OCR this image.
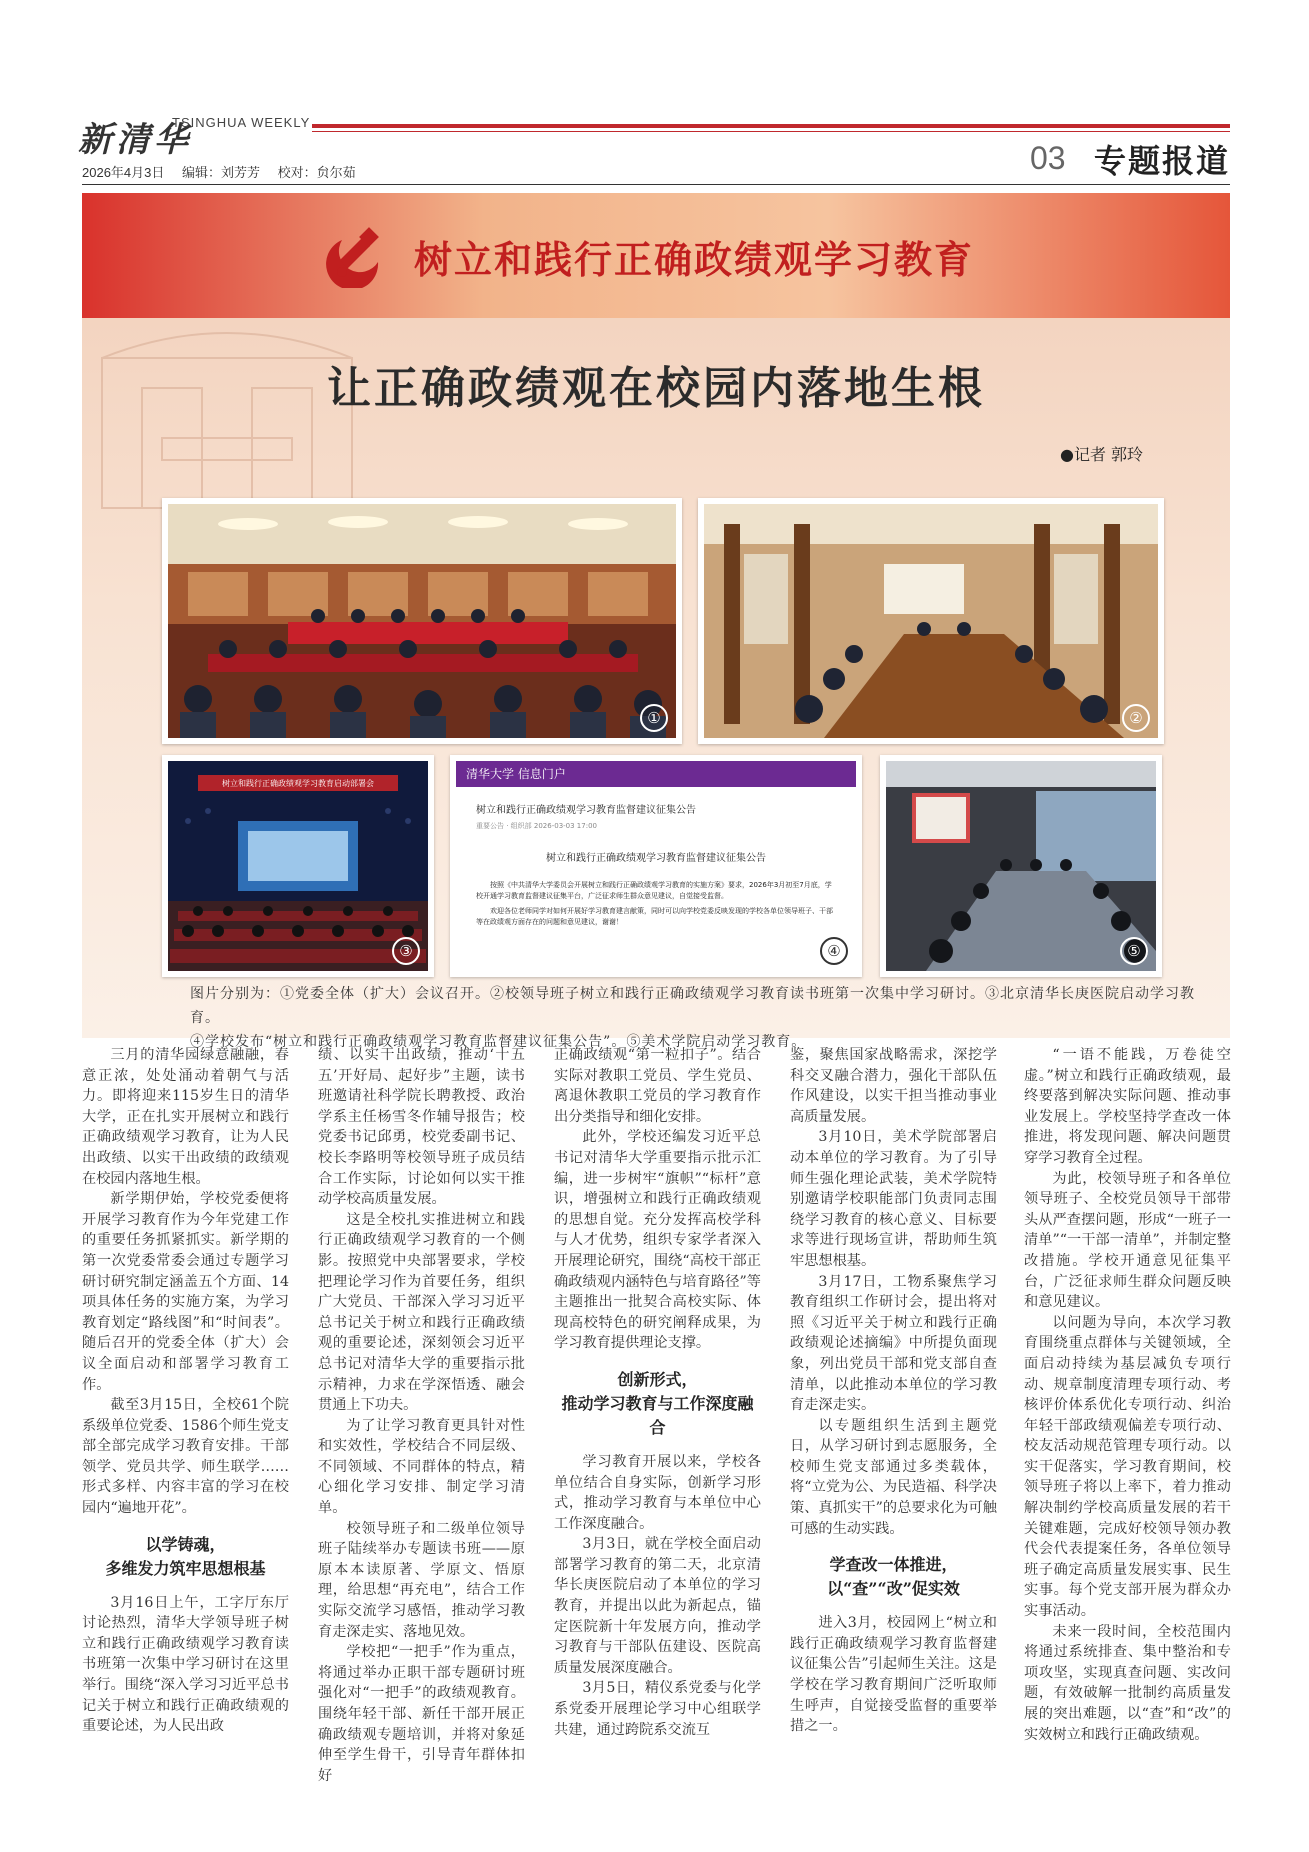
新清华
TSINGHUA WEEKLY
2026年4月3日 编辑：刘芳芳 校对：贠尔茹	03 专题报道
树立和践行正确政绩观学习教育
让正确政绩观在校园内落地生根
●记者 郭玲
①	②
树立和践行正确政绩观学习教育启动部署会
③
清华大学 信息门户
树立和践行正确政绩观学习教育监督建议征集公告
重要公告 · 组织部 2026-03-03 17:00
树立和践行正确政绩观学习教育监督建议征集公告
按照《中共清华大学委员会开展树立和践行正确政绩观学习教育的实施方案》要求，2026年3月初至7月底，学校开通学习教育监督建议征集平台，广泛征求师生群众意见建议，自觉接受监督。
欢迎各位老师同学对如何开展好学习教育建言献策，同时可以向学校党委反映发现的学校各单位领导班子、干部等在政绩观方面存在的问题和意见建议，谢谢！
④	⑤
图片分别为：①党委全体（扩大）会议召开。②校领导班子树立和践行正确政绩观学习教育读书班第一次集中学习研讨。③北京清华长庚医院启动学习教育。
④学校发布“树立和践行正确政绩观学习教育监督建议征集公告”。⑤美术学院启动学习教育。

三月的清华园绿意融融，春意正浓，处处涌动着朝气与活力。即将迎来115岁生日的清华大学，正在扎实开展树立和践行正确政绩观学习教育，让为人民出政绩、以实干出政绩的政绩观在校园内落地生根。

新学期伊始，学校党委便将开展学习教育作为今年党建工作的重要任务抓紧抓实。新学期的第一次党委常委会通过专题学习研讨研究制定涵盖五个方面、14项具体任务的实施方案，为学习教育划定“路线图”和“时间表”。随后召开的党委全体（扩大）会议全面启动和部署学习教育工作。

截至3月15日，全校61个院系级单位党委、1586个师生党支部全部完成学习教育安排。干部领学、党员共学、师生联学……形式多样、内容丰富的学习在校园内“遍地开花”。

以学铸魂，
多维发力筑牢思想根基

3月16日上午，工字厅东厅讨论热烈，清华大学领导班子树立和践行正确政绩观学习教育读书班第一次集中学习研讨在这里举行。围绕“深入学习习近平总书记关于树立和践行正确政绩观的重要论述，为人民出政

绩、以实干出政绩，推动‘十五五’开好局、起好步”主题，读书班邀请社科学院长聘教授、政治学系主任杨雪冬作辅导报告；校党委书记邱勇，校党委副书记、校长李路明等校领导班子成员结合工作实际，讨论如何以实干推动学校高质量发展。

这是全校扎实推进树立和践行正确政绩观学习教育的一个侧影。按照党中央部署要求，学校把理论学习作为首要任务，组织广大党员、干部深入学习习近平总书记关于树立和践行正确政绩观的重要论述，深刻领会习近平总书记对清华大学的重要指示批示精神，力求在学深悟透、融会贯通上下功夫。

为了让学习教育更具针对性和实效性，学校结合不同层级、不同领域、不同群体的特点，精心细化学习安排、制定学习清单。

校领导班子和二级单位领导班子陆续举办专题读书班——原原本本读原著、学原文、悟原理，给思想“再充电”，结合工作实际交流学习感悟，推动学习教育走深走实、落地见效。

学校把“一把手”作为重点，将通过举办正职干部专题研讨班强化对“一把手”的政绩观教育。围绕年轻干部、新任干部开展正确政绩观专题培训，并将对象延伸至学生骨干，引导青年群体扣好

正确政绩观“第一粒扣子”。结合实际对教职工党员、学生党员、离退休教职工党员的学习教育作出分类指导和细化安排。

此外，学校还编发习近平总书记对清华大学重要指示批示汇编，进一步树牢“旗帜”“标杆”意识，增强树立和践行正确政绩观的思想自觉。充分发挥高校学科与人才优势，组织专家学者深入开展理论研究，围绕“高校干部正确政绩观内涵特色与培育路径”等主题推出一批契合高校实际、体现高校特色的研究阐释成果，为学习教育提供理论支撑。

创新形式，
推动学习教育与工作深度融合

学习教育开展以来，学校各单位结合自身实际，创新学习形式，推动学习教育与本单位中心工作深度融合。

3月3日，就在学校全面启动部署学习教育的第二天，北京清华长庚医院启动了本单位的学习教育，并提出以此为新起点，锚定医院新十年发展方向，推动学习教育与干部队伍建设、医院高质量发展深度融合。

3月5日，精仪系党委与化学系党委开展理论学习中心组联学共建，通过跨院系交流互

鉴，聚焦国家战略需求，深挖学科交叉融合潜力，强化干部队伍作风建设，以实干担当推动事业高质量发展。

3月10日，美术学院部署启动本单位的学习教育。为了引导师生强化理论武装，美术学院特别邀请学校职能部门负责同志围绕学习教育的核心意义、目标要求等进行现场宣讲，帮助师生筑牢思想根基。

3月17日，工物系聚焦学习教育组织工作研讨会，提出将对照《习近平关于树立和践行正确政绩观论述摘编》中所提负面现象，列出党员干部和党支部自查清单，以此推动本单位的学习教育走深走实。

以专题组织生活到主题党日，从学习研讨到志愿服务，全校师生党支部通过多类载体，将“立党为公、为民造福、科学决策、真抓实干”的总要求化为可触可感的生动实践。

学查改一体推进，
以“查”“改”促实效

进入3月，校园网上“树立和践行正确政绩观学习教育监督建议征集公告”引起师生关注。这是学校在学习教育期间广泛听取师生呼声，自觉接受监督的重要举措之一。

“一语不能践，万卷徒空虚。”树立和践行正确政绩观，最终要落到解决实际问题、推动事业发展上。学校坚持学查改一体推进，将发现问题、解决问题贯穿学习教育全过程。

为此，校领导班子和各单位领导班子、全校党员领导干部带头从严查摆问题，形成“一班子一清单”“一干部一清单”，并制定整改措施。学校开通意见征集平台，广泛征求师生群众问题反映和意见建议。

以问题为导向，本次学习教育围绕重点群体与关键领域，全面启动持续为基层减负专项行动、规章制度清理专项行动、考核评价体系优化专项行动、纠治年轻干部政绩观偏差专项行动、校友活动规范管理专项行动。以实干促落实，学习教育期间，校领导班子将以上率下，着力推动解决制约学校高质量发展的若干关键难题，完成好校领导领办教代会代表提案任务，各单位领导班子确定高质量发展实事、民生实事。每个党支部开展为群众办实事活动。

未来一段时间，全校范围内将通过系统排查、集中整治和专项攻坚，实现真查问题、实改问题，有效破解一批制约高质量发展的突出难题，以“查”和“改”的实效树立和践行正确政绩观。
